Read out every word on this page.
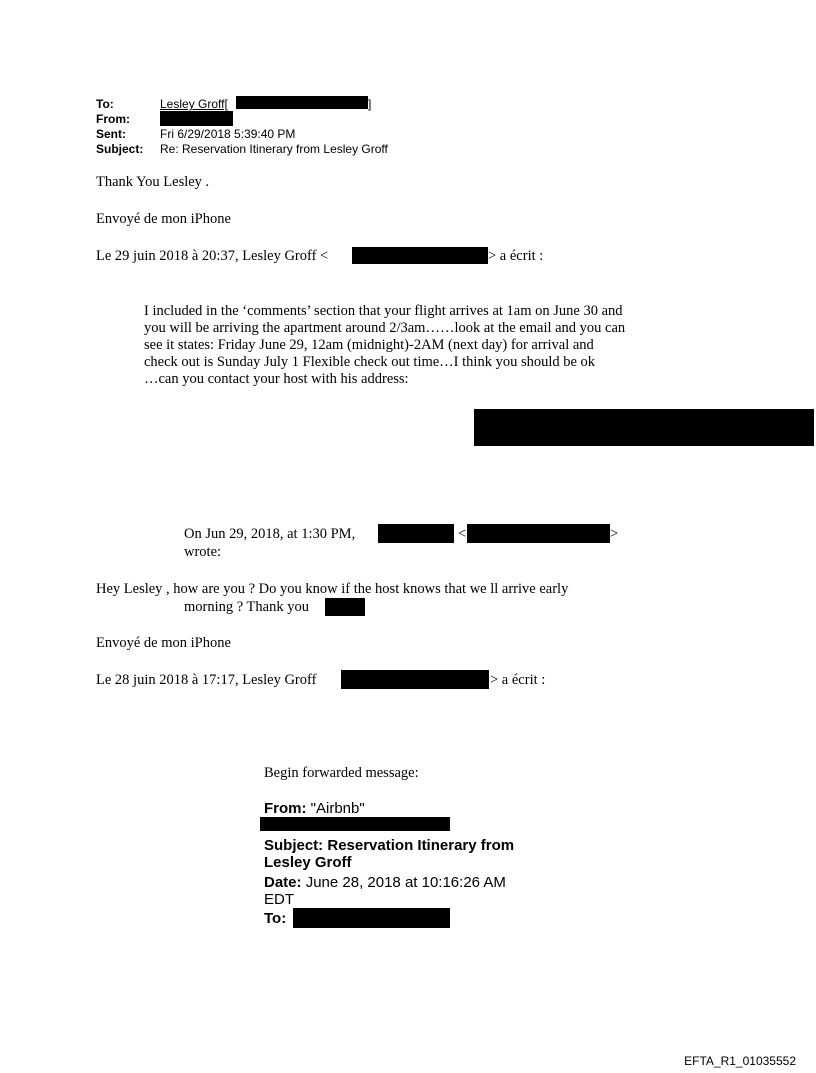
To:	Lesley Groff[	]
From:
Sent:	Fri 6/29/2018 5:39:40 PM
Subject: Re: Reservation Itinerary from Lesley Groff
Thank You Lesley .
Envoyé de mon iPhone
Le 29 juin 2018 à 20:37, Lesley Groff <	> a écrit :
I included in the ‘comments’ section that your flight arrives at 1am on June 30 and
you will be arriving the apartment around 2/3am……look at the email and you can
see it states: Friday June 29, 12am (midnight)-2AM (next day) for arrival and
check out is Sunday July 1 Flexible check out time…I think you should be ok
…can you contact your host with his address:
On Jun 29, 2018, at 1:30 PM,	<	>
wrote:
Hey Lesley , how are you ? Do you know if the host knows that we ll arrive early
morning ? Thank you
Envoyé de mon iPhone
Le 28 juin 2018 à 17:17, Lesley Groff	> a écrit :
Begin forwarded message:
From: "Airbnb"
Subject: Reservation Itinerary from
Lesley Groff
Date: June 28, 2018 at 10:16:26 AM
EDT
To:
EFTA_R1_01035552
